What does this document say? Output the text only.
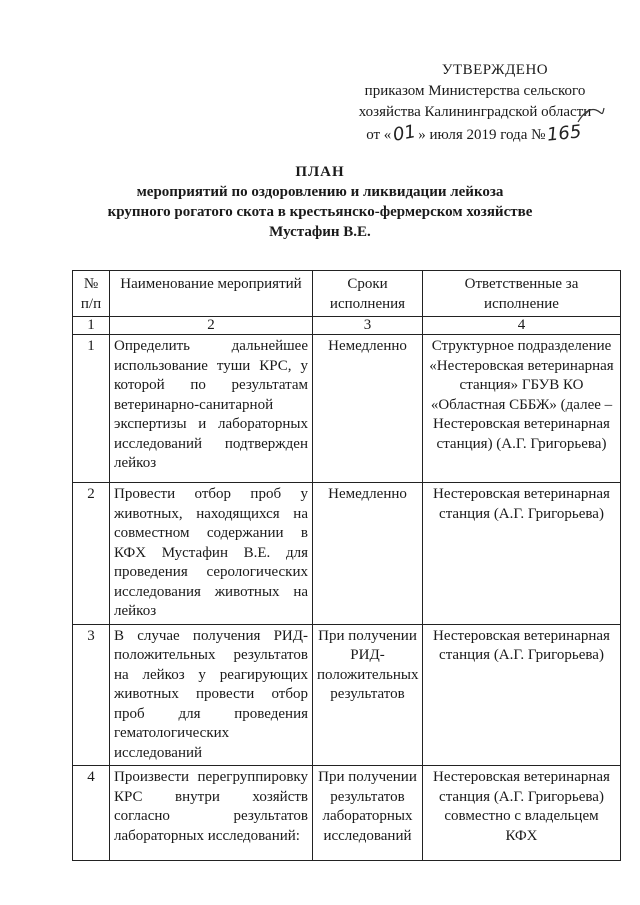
УТВЕРЖДЕНО
приказом Министерства сельского
хозяйства Калининградской области
от «01» июля 2019 года №165
ПЛАН
мероприятий по оздоровлению и ликвидации лейкоза
крупного рогатого скота в крестьянско-фермерском хозяйстве
Мустафин В.Е.
№ п/п	Наименование мероприятий	Сроки исполнения	Ответственные за исполнение
1	2	3	4
1	Определить дальнейшее использование туши КРС, у которой по результатам ветеринарно-санитарной экспертизы и лабораторных исследований подтвержден лейкоз	Немедленно	Структурное подразделение «Нестеровская ветеринарная станция» ГБУВ КО «Областная СББЖ» (далее – Нестеровская ветеринарная станция) (А.Г. Григорьева)
2	Провести отбор проб у животных, находящихся на совместном содержании в КФХ Мустафин В.Е. для проведения серологических исследования животных на лейкоз	Немедленно	Нестеровская ветеринарная станция (А.Г. Григорьева)
3	В случае получения РИД-положительных результатов на лейкоз у реагирующих животных провести отбор проб для проведения гематологических исследований	При получении РИД-положительных результатов	Нестеровская ветеринарная станция (А.Г. Григорьева)
4	Произвести перегруппировку КРС внутри хозяйств согласно результатов лабораторных исследований:	При получении результатов лабораторных исследований	Нестеровская ветеринарная станция (А.Г. Григорьева) совместно с владельцем КФХ
